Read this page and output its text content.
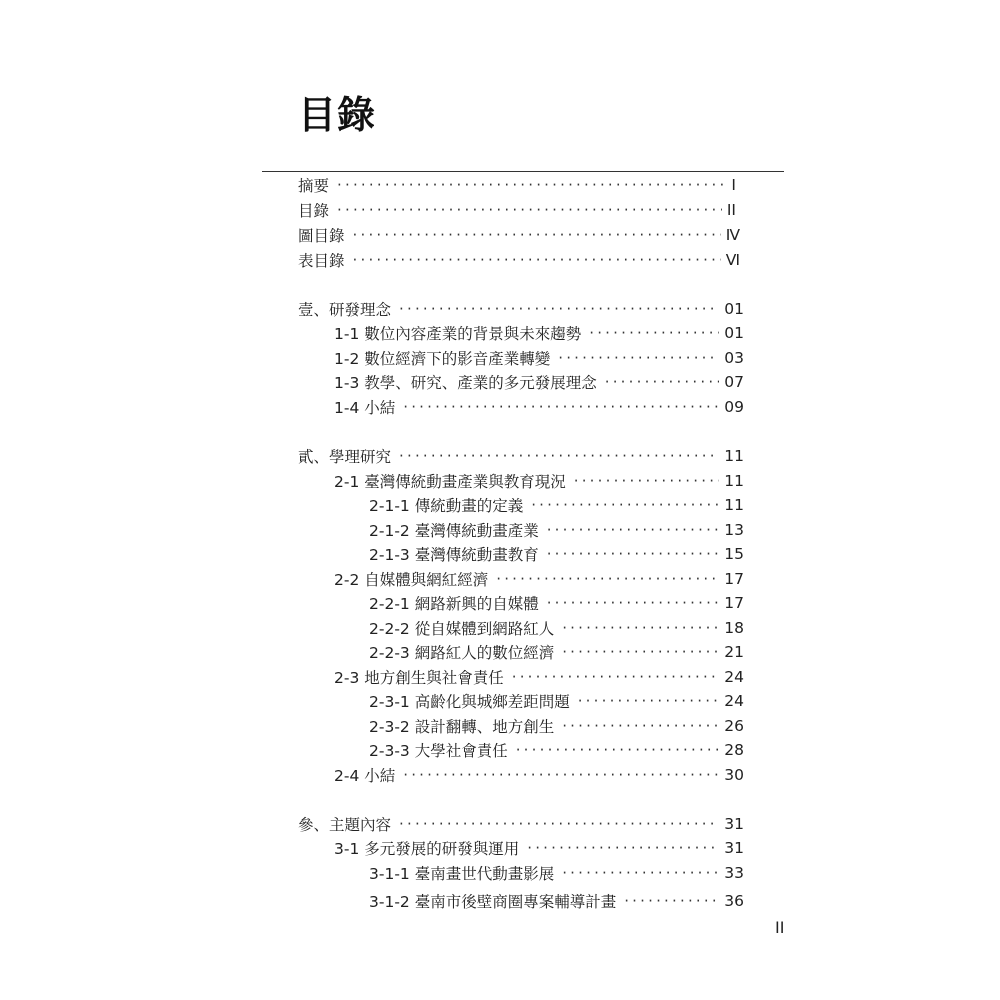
目錄
摘要 ·····	I
目錄 ·····	II
圖目錄 ·····	Ⅳ
表目錄 ·····	Ⅵ
壹、研發理念 ·····	01
1-1 數位內容產業的背景與未來趨勢 ·····	01
1-2 數位經濟下的影音產業轉變 ·····	03
1-3 教學、研究、產業的多元發展理念 ·····	07
1-4 小結 ·····	09
貳、學理研究 ·····	11
2-1 臺灣傳統動畫產業與教育現況 ·····	11
2-1-1 傳統動畫的定義 ·····	11
2-1-2 臺灣傳統動畫產業 ·····	13
2-1-3 臺灣傳統動畫教育 ·····	15
2-2 自媒體與網紅經濟 ·····	17
2-2-1 網路新興的自媒體 ·····	17
2-2-2 從自媒體到網路紅人 ·····	18
2-2-3 網路紅人的數位經濟 ·····	21
2-3 地方創生與社會責任 ·····	24
2-3-1 高齡化與城鄉差距問題 ·····	24
2-3-2 設計翻轉、地方創生 ·····	26
2-3-3 大學社會責任 ·····	28
2-4 小結 ·····	30
參、主題內容 ·····	31
3-1 多元發展的研發與運用 ·····	31
3-1-1 臺南畫世代動畫影展 ·····	33
3-1-2 臺南市後壁商圈專案輔導計畫 ·····	36
II
